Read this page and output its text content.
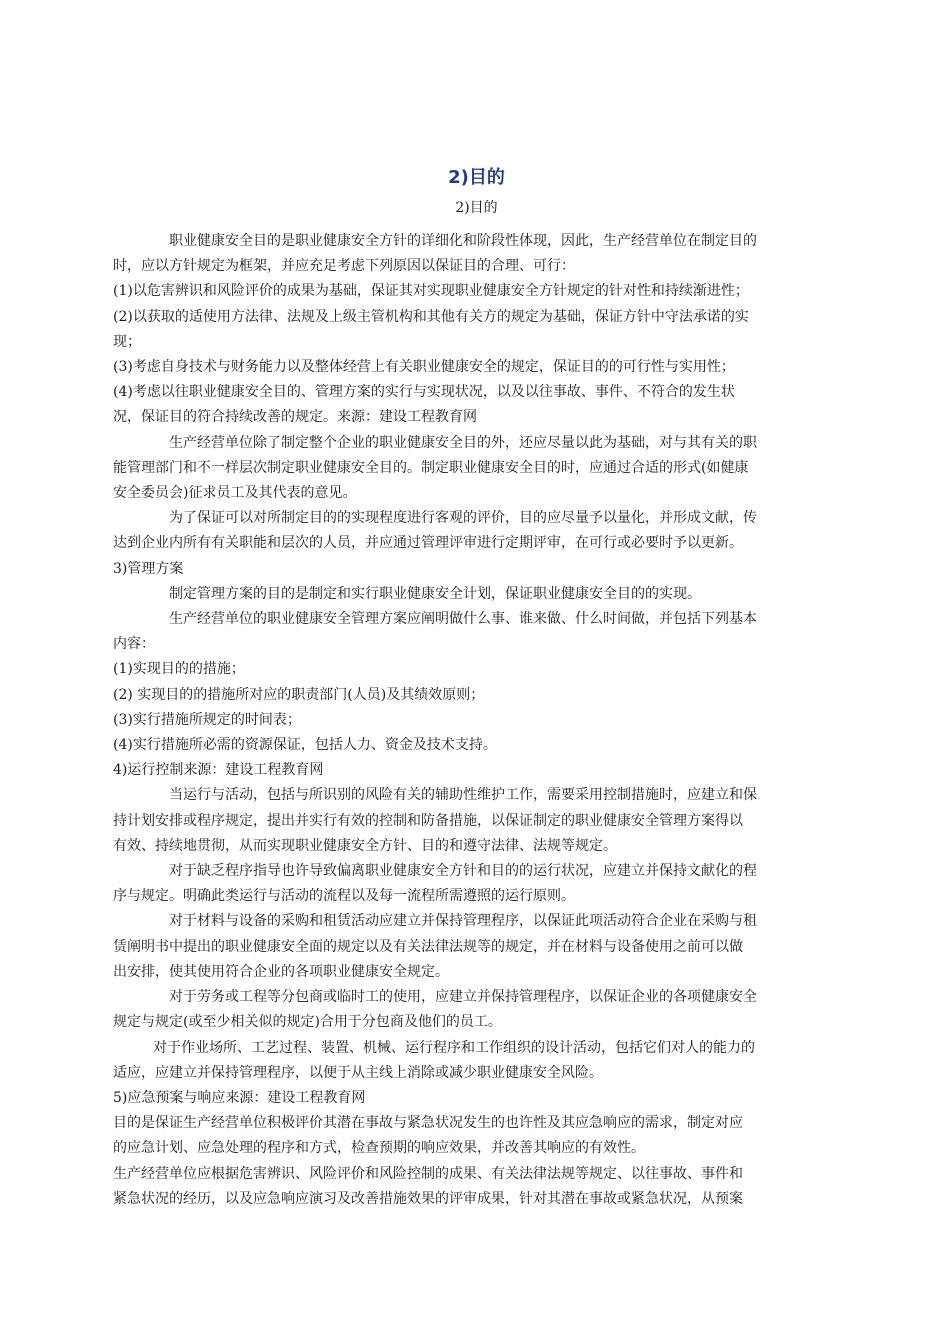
2)目的

2)目的

职业健康安全目的是职业健康安全方针的详细化和阶段性体现，因此，生产经营单位在制定目的

时，应以方针规定为框架，并应充足考虑下列原因以保证目的合理、可行：

(1)以危害辨识和风险评价的成果为基础，保证其对实现职业健康安全方针规定的针对性和持续渐进性；

(2)以获取的适使用方法律、法规及上级主管机构和其他有关方的规定为基础，保证方针中守法承诺的实

现；

(3)考虑自身技术与财务能力以及整体经营上有关职业健康安全的规定，保证目的的可行性与实用性；

(4)考虑以往职业健康安全目的、管理方案的实行与实现状况，以及以往事故、事件、不符合的发生状

况，保证目的符合持续改善的规定。来源：建设工程教育网

生产经营单位除了制定整个企业的职业健康安全目的外，还应尽量以此为基础，对与其有关的职

能管理部门和不一样层次制定职业健康安全目的。制定职业健康安全目的时，应通过合适的形式(如健康

安全委员会)征求员工及其代表的意见。

为了保证可以对所制定目的的实现程度进行客观的评价，目的应尽量予以量化，并形成文献，传

达到企业内所有有关职能和层次的人员，并应通过管理评审进行定期评审，在可行或必要时予以更新。

3)管理方案

制定管理方案的目的是制定和实行职业健康安全计划，保证职业健康安全目的的实现。

生产经营单位的职业健康安全管理方案应阐明做什么事、谁来做、什么时间做，并包括下列基本

内容：

(1)实现目的的措施；

(2) 实现目的的措施所对应的职责部门(人员)及其绩效原则；

(3)实行措施所规定的时间表；

(4)实行措施所必需的资源保证，包括人力、资金及技术支持。

4)运行控制来源：建设工程教育网

当运行与活动，包括与所识别的风险有关的辅助性维护工作，需要采用控制措施时，应建立和保

持计划安排或程序规定，提出并实行有效的控制和防备措施，以保证制定的职业健康安全管理方案得以

有效、持续地贯彻，从而实现职业健康安全方针、目的和遵守法律、法规等规定。

对于缺乏程序指导也许导致偏离职业健康安全方针和目的的运行状况，应建立并保持文献化的程

序与规定。明确此类运行与活动的流程以及每一流程所需遵照的运行原则。

对于材料与设备的采购和租赁活动应建立并保持管理程序，以保证此项活动符合企业在采购与租

赁阐明书中提出的职业健康安全面的规定以及有关法律法规等的规定，并在材料与设备使用之前可以做

出安排，使其使用符合企业的各项职业健康安全规定。

对于劳务或工程等分包商或临时工的使用，应建立并保持管理程序，以保证企业的各项健康安全

规定与规定(或至少相关似的规定)合用于分包商及他们的员工。

对于作业场所、工艺过程、装置、机械、运行程序和工作组织的设计活动，包括它们对人的能力的

适应，应建立并保持管理程序，以便于从主线上消除或减少职业健康安全风险。

5)应急预案与响应来源：建设工程教育网

目的是保证生产经营单位积极评价其潜在事故与紧急状况发生的也许性及其应急响应的需求，制定对应

的应急计划、应急处理的程序和方式，检查预期的响应效果，并改善其响应的有效性。

生产经营单位应根据危害辨识、风险评价和风险控制的成果、有关法律法规等规定、以往事故、事件和

紧急状况的经历，以及应急响应演习及改善措施效果的评审成果，针对其潜在事故或紧急状况，从预案
